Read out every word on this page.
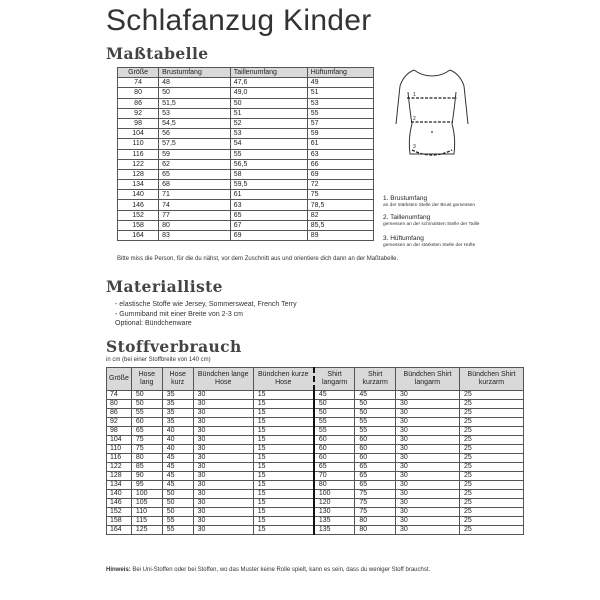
Schlafanzug Kinder
Maßtabelle
Größe	Brustumfang	Taillenumfang	Hüftumfang
74	48	47,6	49
80	50	49,0	51
86	51,5	50	53
92	53	51	55
98	54,5	52	57
104	56	53	59
110	57,5	54	61
116	59	55	63
122	62	56,5	66
128	65	58	69
134	68	59,5	72
140	71	61	75
146	74	63	78,5
152	77	65	82
158	80	67	85,5
164	83	69	89
1
2
3
1. Brustumfang
an der stärksten Stelle der Brust gemessen
2. Taillenumfang
gemessen an der schmalsten Stelle der Taille
3. Hüftumfang
gemessen an der stärksten Stelle der Hüfte
Bitte miss die Person, für die du nähst, vor dem Zuschnitt aus und orientiere dich dann an der Maßtabelle.
Materialliste
- elastische Stoffe wie Jersey, Sommersweat, French Terry
- Gummiband mit einer Breite von 2-3 cm
Optional: Bündchenware
Stoffverbrauch
in cm (bei einer Stoffbreite von 140 cm)
Größe	Hose lang	Hose kurz	Bündchen lange Hose	Bündchen kurze Hose	Shirt langarm	Shirt kurzarm	Bündchen Shirt langarm	Bündchen Shirt kurzarm
74	50	35	30	15	45	45	30	25
80	50	35	30	15	50	50	30	25
86	55	35	30	15	50	50	30	25
92	60	35	30	15	55	55	30	25
98	65	40	30	15	55	55	30	25
104	75	40	30	15	60	60	30	25
110	75	40	30	15	60	60	30	25
116	80	45	30	15	60	60	30	25
122	85	45	30	15	65	65	30	25
128	90	45	30	15	70	65	30	25
134	95	45	30	15	80	65	30	25
140	100	50	30	15	100	75	30	25
146	105	50	30	15	120	75	30	25
152	110	50	30	15	130	75	30	25
158	115	55	30	15	135	80	30	25
164	125	55	30	15	135	80	30	25
Hinweis: Bei Uni-Stoffen oder bei Stoffen, wo das Muster keine Rolle spielt, kann es sein, dass du weniger Stoff brauchst.
